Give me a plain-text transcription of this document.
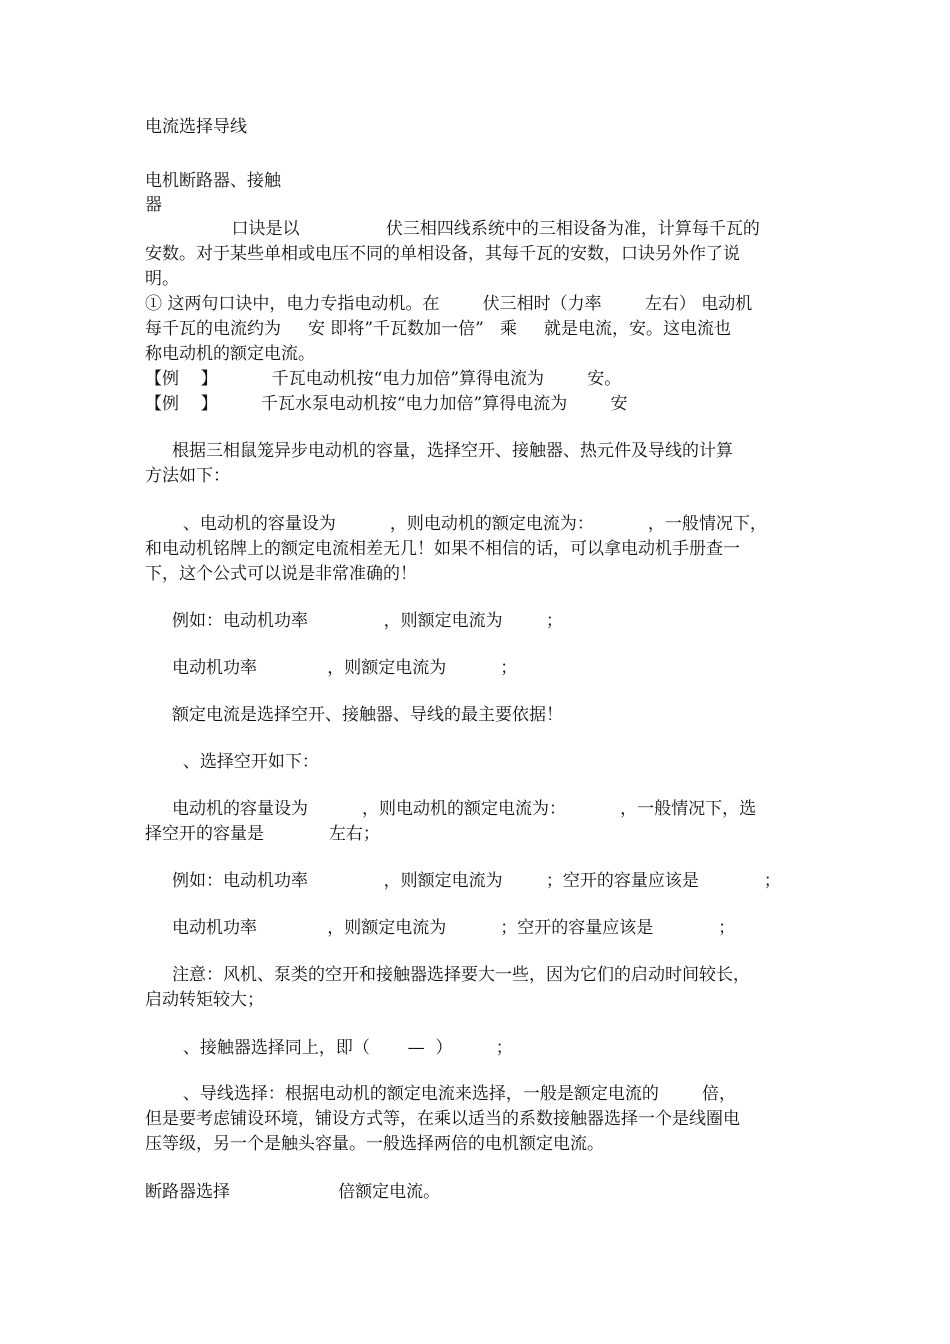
电流选择导线
电机断路器、接触
器
口诀是以                伏三相四线系统中的三相设备为准，计算每千瓦的
安数。对于某些单相或电压不同的单相设备，其每千瓦的安数，口诀另外作了说
明。
① 这两句口诀中，电力专指电动机。在        伏三相时（力率        左右） 电动机
每千瓦的电流约为     安 即将”千瓦数加一倍”   乘     就是电流，安。这电流也
称电动机的额定电流。
【例    】          千瓦电动机按“电力加倍”算得电流为        安。
【例    】        千瓦水泵电动机按“电力加倍”算得电流为        安
根据三相鼠笼异步电动机的容量，选择空开、接触器、热元件及导线的计算
方法如下：
、电动机的容量设为          ，则电动机的额定电流为：          ，一般情况下，
和电动机铭牌上的额定电流相差无几！如果不相信的话，可以拿电动机手册查一
下，这个公式可以说是非常准确的！
例如：电动机功率              ，则额定电流为        ；
电动机功率             ，则额定电流为          ；
额定电流是选择空开、接触器、导线的最主要依据！
、选择空开如下：
电动机的容量设为          ，则电动机的额定电流为：          ，一般情况下，选
择空开的容量是            左右；
例如：电动机功率              ，则额定电流为        ；空开的容量应该是            ；
电动机功率             ，则额定电流为          ；空开的容量应该是            ；
注意：风机、泵类的空开和接触器选择要大一些，因为它们的启动时间较长，
启动转矩较大；
、接触器选择同上，即（       —  ）        ；
、导线选择：根据电动机的额定电流来选择，一般是额定电流的        倍，
但是要考虑铺设环境，铺设方式等，在乘以适当的系数接触器选择一个是线圈电
压等级，另一个是触头容量。一般选择两倍的电机额定电流。
断路器选择                    倍额定电流。
